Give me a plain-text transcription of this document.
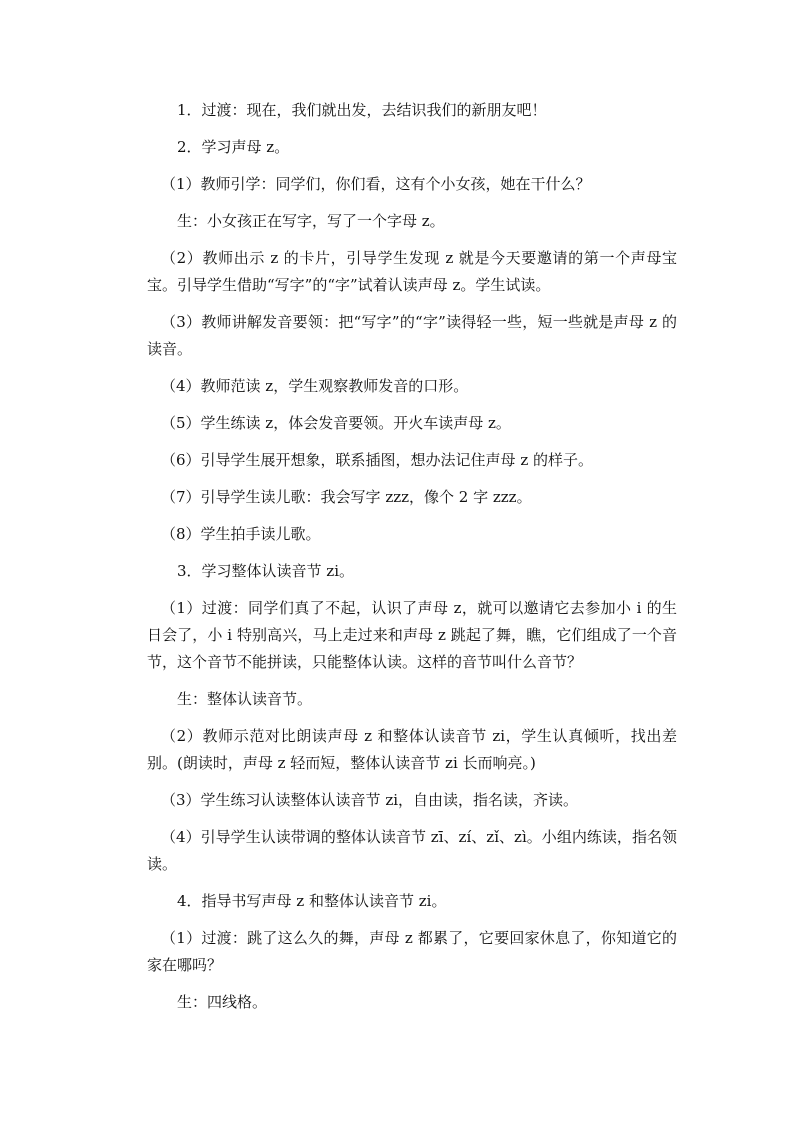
1．过渡：现在，我们就出发，去结识我们的新朋友吧！

2．学习声母 z。

（1）教师引学：同学们，你们看，这有个小女孩，她在干什么？

生：小女孩正在写字，写了一个字母 z。

（2）教师出示 z 的卡片，引导学生发现 z 就是今天要邀请的第一个声母宝宝。引导学生借助“写字”的“字”试着认读声母 z。学生试读。

（3）教师讲解发音要领：把“写字”的“字”读得轻一些，短一些就是声母 z 的读音。

（4）教师范读 z，学生观察教师发音的口形。

（5）学生练读 z，体会发音要领。开火车读声母 z。

（6）引导学生展开想象，联系插图，想办法记住声母 z 的样子。

（7）引导学生读儿歌：我会写字 zzz，像个 2 字 zzz。

（8）学生拍手读儿歌。

3．学习整体认读音节 zi。

（1）过渡：同学们真了不起，认识了声母 z，就可以邀请它去参加小 i 的生日会了，小 i 特别高兴，马上走过来和声母 z 跳起了舞，瞧，它们组成了一个音节，这个音节不能拼读，只能整体认读。这样的音节叫什么音节？

生：整体认读音节。

（2）教师示范对比朗读声母 z 和整体认读音节 zi，学生认真倾听，找出差别。(朗读时，声母 z 轻而短，整体认读音节 zi 长而响亮。)

（3）学生练习认读整体认读音节 zi，自由读，指名读，齐读。

（4）引导学生认读带调的整体认读音节 zī、zí、zǐ、zì。小组内练读，指名领读。

4．指导书写声母 z 和整体认读音节 zi。

（1）过渡：跳了这么久的舞，声母 z 都累了，它要回家休息了，你知道它的家在哪吗？

生：四线格。
